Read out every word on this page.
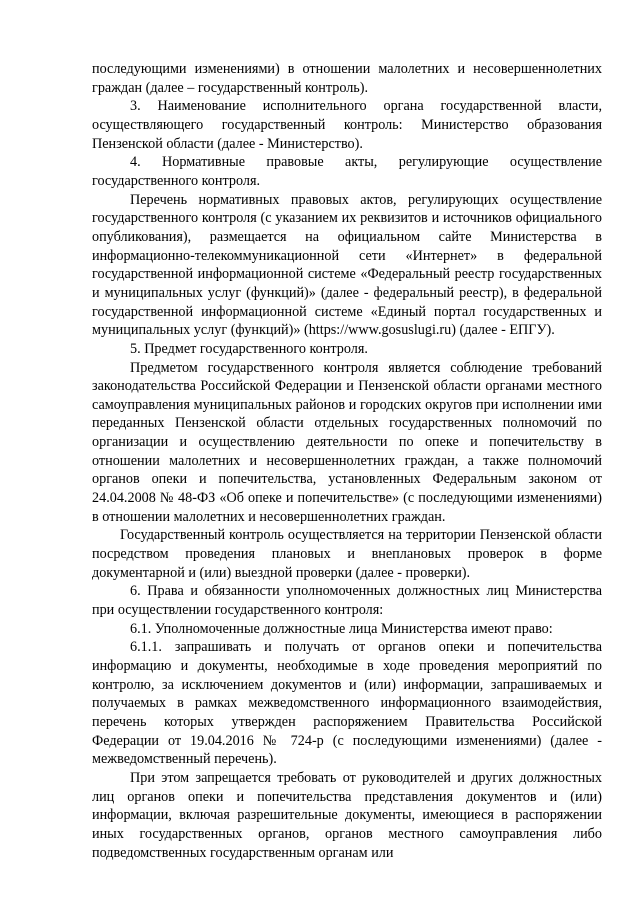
последующими изменениями) в отношении малолетних и несовершеннолетних граждан (далее – государственный контроль).

3. Наименование исполнительного органа государственной власти, осуществляющего государственный контроль: Министерство образования Пензенской области (далее - Министерство).

4. Нормативные правовые акты, регулирующие осуществление государственного контроля.

Перечень нормативных правовых актов, регулирующих осуществление государственного контроля (с указанием их реквизитов и источников официального опубликования), размещается на официальном сайте Министерства в информационно-телекоммуникационной сети «Интернет» в федеральной государственной информационной системе «Федеральный реестр государственных и муниципальных услуг (функций)» (далее - федеральный реестр), в федеральной государственной информационной системе «Единый портал государственных и муниципальных услуг (функций)» (https://www.gosuslugi.ru) (далее - ЕПГУ).

5. Предмет государственного контроля.

Предметом государственного контроля является соблюдение требований законодательства Российской Федерации и Пензенской области органами местного самоуправления муниципальных районов и городских округов при исполнении ими переданных Пензенской области отдельных государственных полномочий по организации и осуществлению деятельности по опеке и попечительству в отношении малолетних и несовершеннолетних граждан, а также полномочий органов опеки и попечительства, установленных Федеральным законом от 24.04.2008 № 48-ФЗ «Об опеке и попечительстве» (с последующими изменениями) в отношении малолетних и несовершеннолетних граждан.

Государственный контроль осуществляется на территории Пензенской области посредством проведения плановых и внеплановых проверок в форме документарной и (или) выездной проверки (далее - проверки).

6. Права и обязанности уполномоченных должностных лиц Министерства при осуществлении государственного контроля:

6.1. Уполномоченные должностные лица Министерства имеют право:

6.1.1. запрашивать и получать от органов опеки и попечительства информацию и документы, необходимые в ходе проведения мероприятий по контролю, за исключением документов и (или) информации, запрашиваемых и получаемых в рамках межведомственного информационного взаимодействия, перечень которых утвержден распоряжением Правительства Российской Федерации от 19.04.2016 № 724-р (с последующими изменениями) (далее - межведомственный перечень).

При этом запрещается требовать от руководителей и других должностных лиц органов опеки и попечительства представления документов и (или) информации, включая разрешительные документы, имеющиеся в распоряжении иных государственных органов, органов местного самоуправления либо подведомственных государственным органам или
